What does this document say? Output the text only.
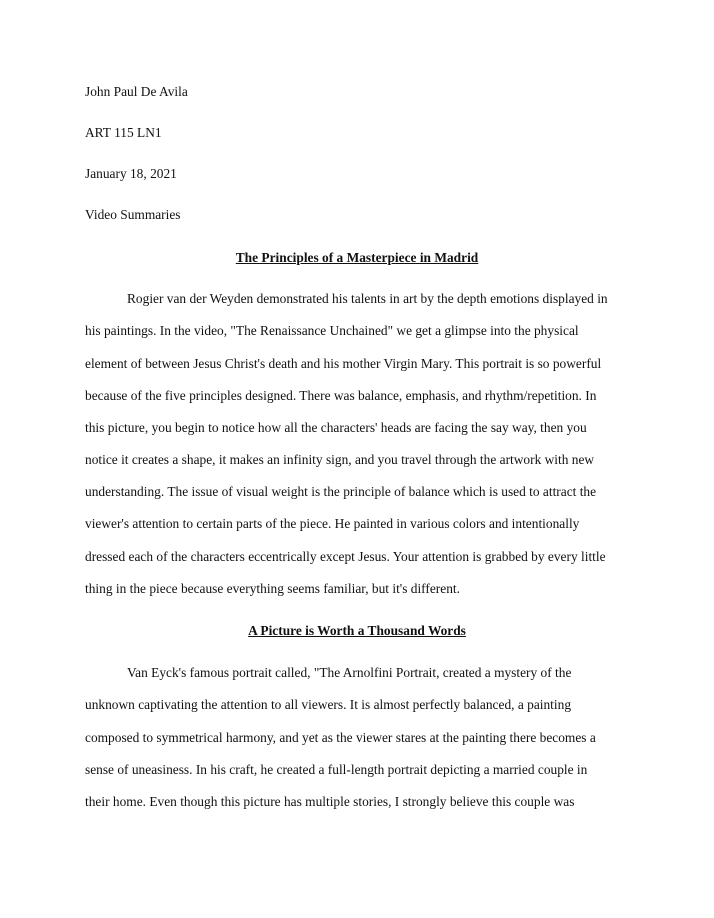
John Paul De Avila
ART 115 LN1
January 18, 2021
Video Summaries
The Principles of a Masterpiece in Madrid
Rogier van der Weyden demonstrated his talents in art by the depth emotions displayed in
his paintings. In the video, "The Renaissance Unchained" we get a glimpse into the physical
element of between Jesus Christ's death and his mother Virgin Mary. This portrait is so powerful
because of the five principles designed. There was balance, emphasis, and rhythm/repetition. In
this picture, you begin to notice how all the characters' heads are facing the say way, then you
notice it creates a shape, it makes an infinity sign, and you travel through the artwork with new
understanding. The issue of visual weight is the principle of balance which is used to attract the
viewer's attention to certain parts of the piece. He painted in various colors and intentionally
dressed each of the characters eccentrically except Jesus. Your attention is grabbed by every little
thing in the piece because everything seems familiar, but it's different.
A Picture is Worth a Thousand Words
Van Eyck's famous portrait called, "The Arnolfini Portrait, created a mystery of the
unknown captivating the attention to all viewers. It is almost perfectly balanced, a painting
composed to symmetrical harmony, and yet as the viewer stares at the painting there becomes a
sense of uneasiness. In his craft, he created a full-length portrait depicting a married couple in
their home. Even though this picture has multiple stories, I strongly believe this couple was
